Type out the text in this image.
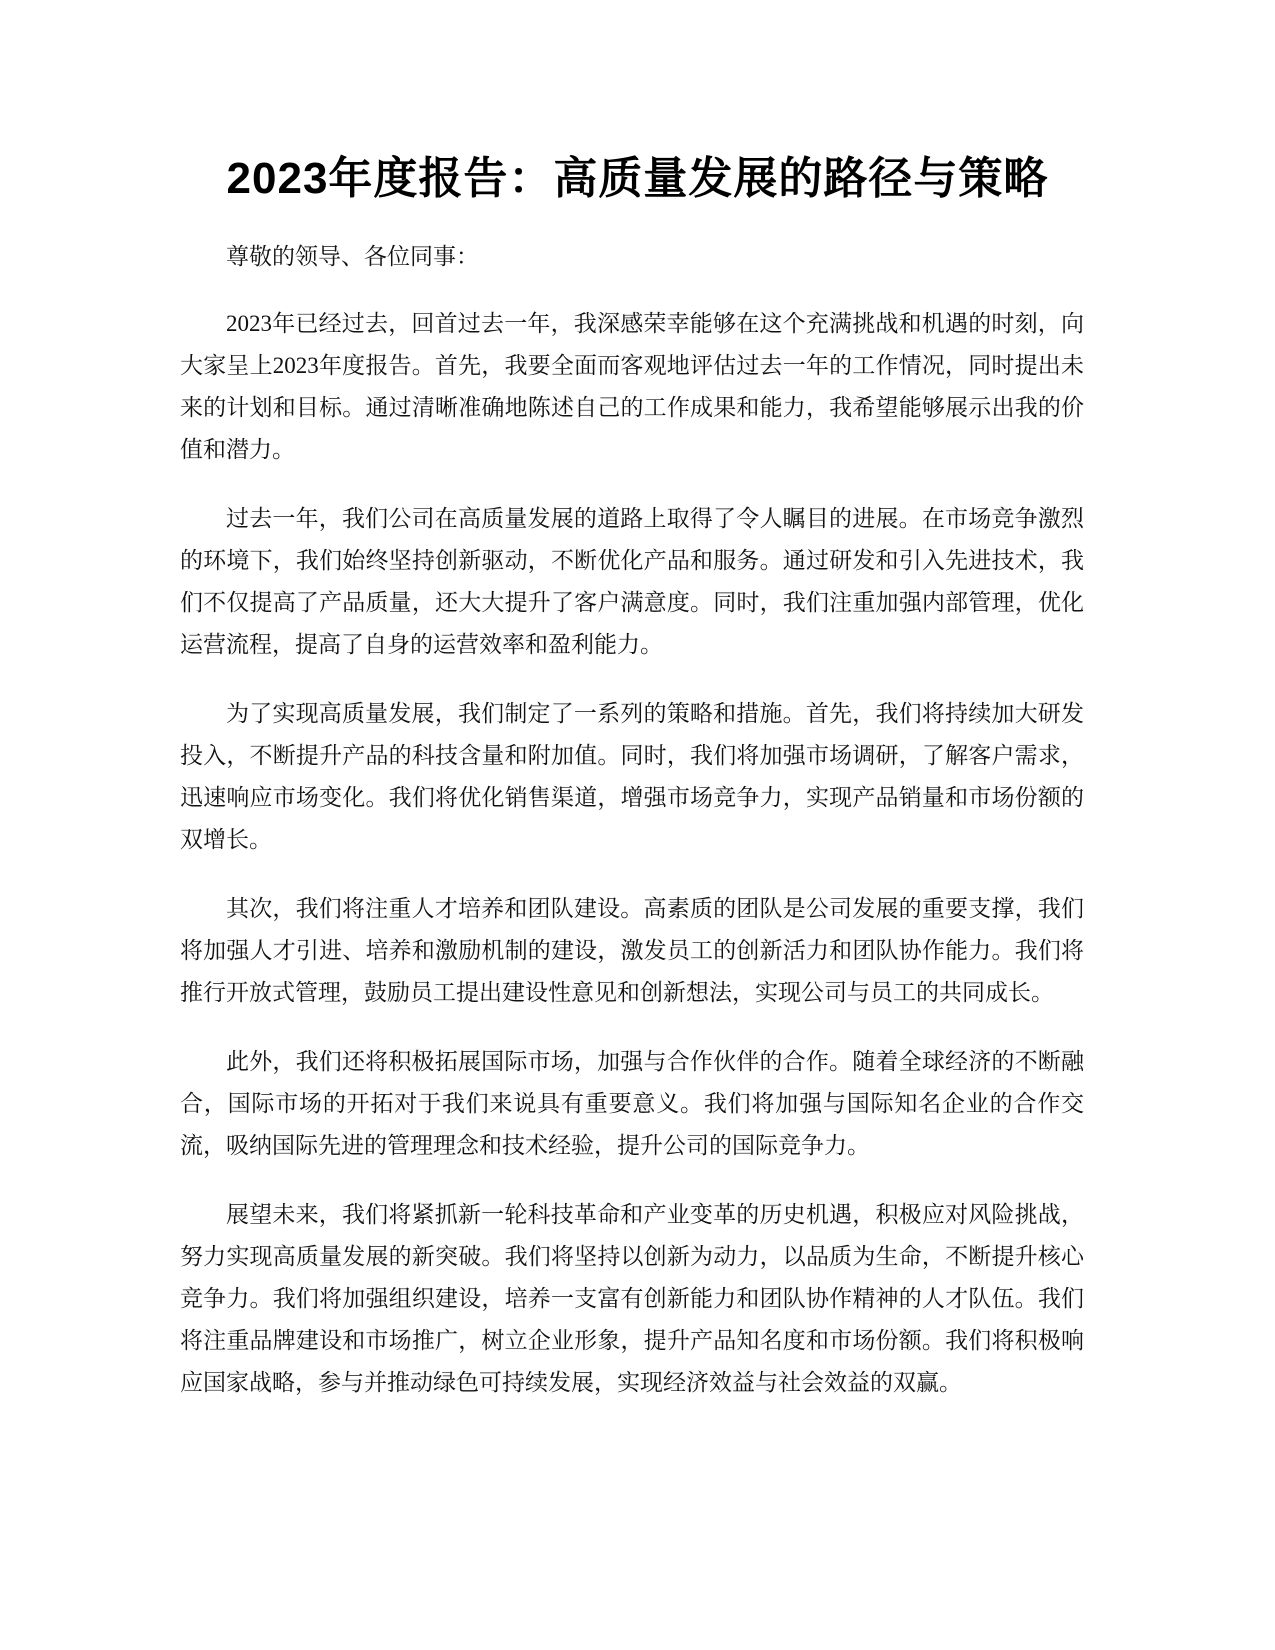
2023年度报告：高质量发展的路径与策略

尊敬的领导、各位同事：

2023年已经过去，回首过去一年，我深感荣幸能够在这个充满挑战和机遇的时刻，向大家呈上2023年度报告。首先，我要全面而客观地评估过去一年的工作情况，同时提出未来的计划和目标。通过清晰准确地陈述自己的工作成果和能力，我希望能够展示出我的价值和潜力。

过去一年，我们公司在高质量发展的道路上取得了令人瞩目的进展。在市场竞争激烈的环境下，我们始终坚持创新驱动，不断优化产品和服务。通过研发和引入先进技术，我们不仅提高了产品质量，还大大提升了客户满意度。同时，我们注重加强内部管理，优化运营流程，提高了自身的运营效率和盈利能力。

为了实现高质量发展，我们制定了一系列的策略和措施。首先，我们将持续加大研发投入，不断提升产品的科技含量和附加值。同时，我们将加强市场调研，了解客户需求，迅速响应市场变化。我们将优化销售渠道，增强市场竞争力，实现产品销量和市场份额的双增长。

其次，我们将注重人才培养和团队建设。高素质的团队是公司发展的重要支撑，我们将加强人才引进、培养和激励机制的建设，激发员工的创新活力和团队协作能力。我们将推行开放式管理，鼓励员工提出建设性意见和创新想法，实现公司与员工的共同成长。

此外，我们还将积极拓展国际市场，加强与合作伙伴的合作。随着全球经济的不断融合，国际市场的开拓对于我们来说具有重要意义。我们将加强与国际知名企业的合作交流，吸纳国际先进的管理理念和技术经验，提升公司的国际竞争力。

展望未来，我们将紧抓新一轮科技革命和产业变革的历史机遇，积极应对风险挑战，努力实现高质量发展的新突破。我们将坚持以创新为动力，以品质为生命，不断提升核心竞争力。我们将加强组织建设，培养一支富有创新能力和团队协作精神的人才队伍。我们将注重品牌建设和市场推广，树立企业形象，提升产品知名度和市场份额。我们将积极响应国家战略，参与并推动绿色可持续发展，实现经济效益与社会效益的双赢。
